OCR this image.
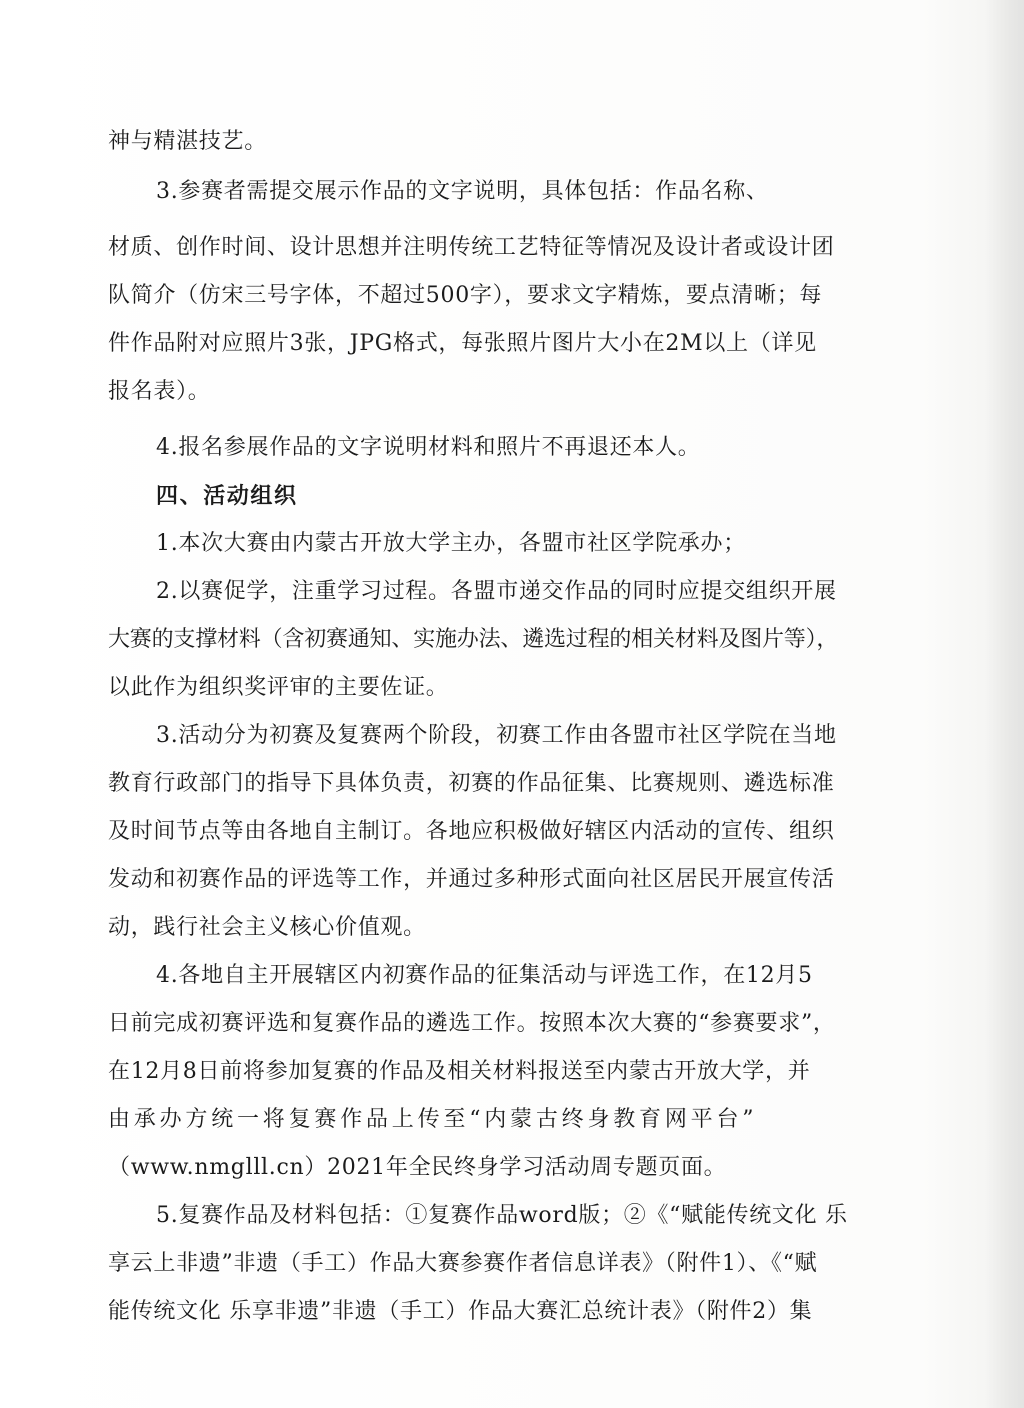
神与精湛技艺。
3.参赛者需提交展示作品的文字说明，具体包括：作品名称、
材质、创作时间、设计思想并注明传统工艺特征等情况及设计者或设计团
队简介（仿宋三号字体，不超过500字），要求文字精炼，要点清晰；每
件作品附对应照片3张，JPG格式，每张照片图片大小在2M以上（详见
报名表）。
4.报名参展作品的文字说明材料和照片不再退还本人。
四、活动组织
1.本次大赛由内蒙古开放大学主办，各盟市社区学院承办；
2.以赛促学，注重学习过程。各盟市递交作品的同时应提交组织开展
大赛的支撑材料（含初赛通知、实施办法、遴选过程的相关材料及图片等），
以此作为组织奖评审的主要佐证。
3.活动分为初赛及复赛两个阶段，初赛工作由各盟市社区学院在当地
教育行政部门的指导下具体负责，初赛的作品征集、比赛规则、遴选标准
及时间节点等由各地自主制订。各地应积极做好辖区内活动的宣传、组织
发动和初赛作品的评选等工作，并通过多种形式面向社区居民开展宣传活
动，践行社会主义核心价值观。
4.各地自主开展辖区内初赛作品的征集活动与评选工作，在12月5
日前完成初赛评选和复赛作品的遴选工作。按照本次大赛的“参赛要求”，
在12月8日前将参加复赛的作品及相关材料报送至内蒙古开放大学，并
由承办方统一将复赛作品上传至“内蒙古终身教育网平台”
（www.nmglll.cn）2021年全民终身学习活动周专题页面。
5.复赛作品及材料包括：①复赛作品word版；②《“赋能传统文化 乐
享云上非遗”非遗（手工）作品大赛参赛作者信息详表》（附件1）、《“赋
能传统文化 乐享非遗”非遗（手工）作品大赛汇总统计表》（附件2）集
